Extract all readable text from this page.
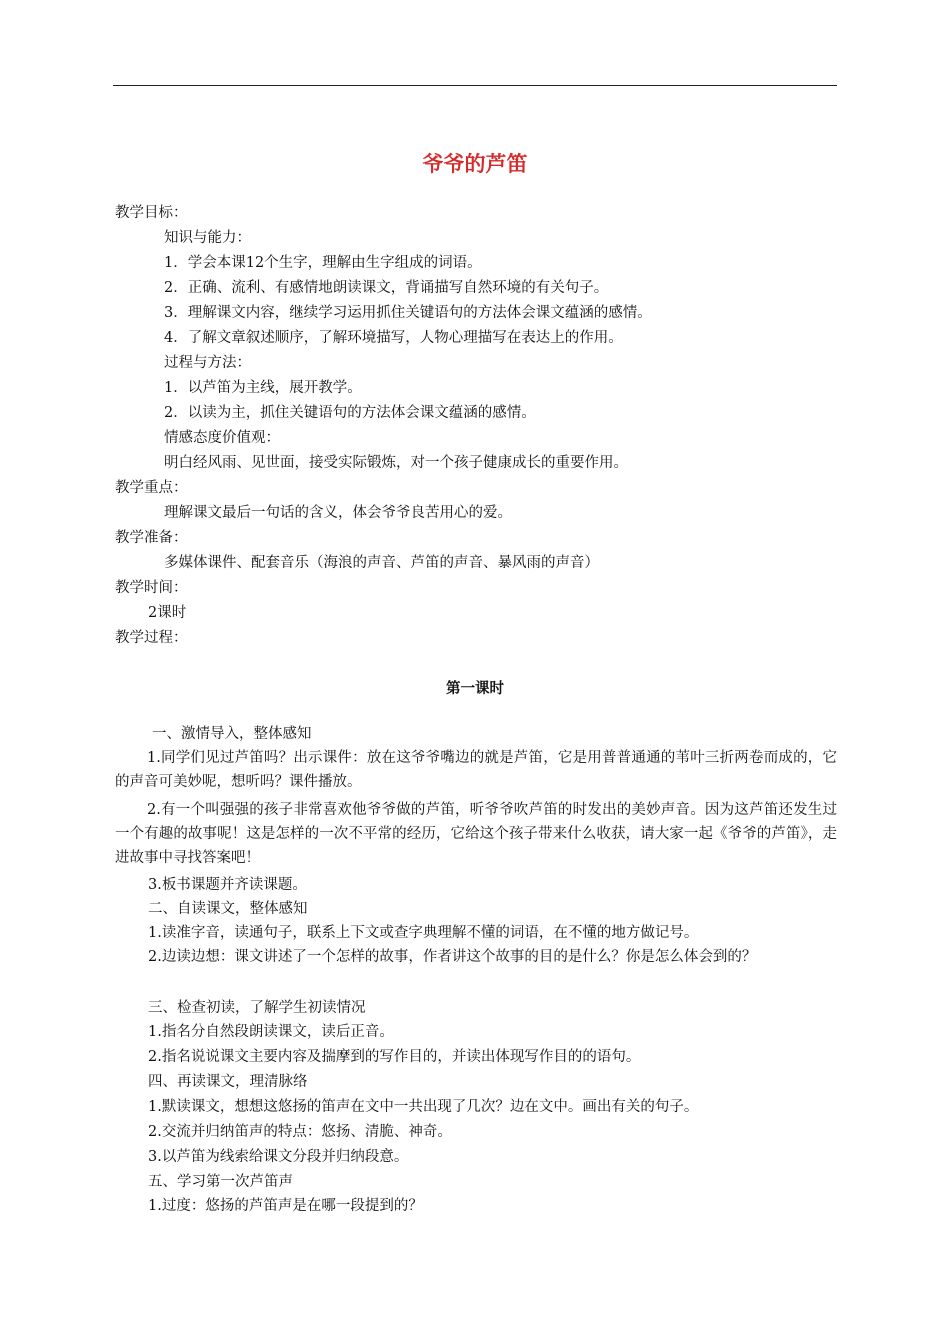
爷爷的芦笛
教学目标：
知识与能力：
1．学会本课12个生字，理解由生字组成的词语。
2．正确、流利、有感情地朗读课文，背诵描写自然环境的有关句子。
3．理解课文内容，继续学习运用抓住关键语句的方法体会课文蕴涵的感情。
4．了解文章叙述顺序，了解环境描写，人物心理描写在表达上的作用。
过程与方法：
1．以芦笛为主线，展开教学。
2．以读为主，抓住关键语句的方法体会课文蕴涵的感情。
情感态度价值观：
明白经风雨、见世面，接受实际锻炼，对一个孩子健康成长的重要作用。
教学重点：
理解课文最后一句话的含义，体会爷爷良苦用心的爱。
教学准备：
多媒体课件、配套音乐（海浪的声音、芦笛的声音、暴风雨的声音）
教学时间：
2课时
教学过程：
第一课时
一、激情导入，整体感知
1.同学们见过芦笛吗？出示课件：放在这爷爷嘴边的就是芦笛，它是用普普通通的苇叶三折两卷而成的，它的声音可美妙呢，想听吗？课件播放。
2.有一个叫强强的孩子非常喜欢他爷爷做的芦笛，听爷爷吹芦笛的时发出的美妙声音。因为这芦笛还发生过一个有趣的故事呢！这是怎样的一次不平常的经历，它给这个孩子带来什么收获，请大家一起《爷爷的芦笛》，走进故事中寻找答案吧！
3.板书课题并齐读课题。
二、自读课文，整体感知
1.读准字音，读通句子，联系上下文或查字典理解不懂的词语，在不懂的地方做记号。
2.边读边想：课文讲述了一个怎样的故事，作者讲这个故事的目的是什么？你是怎么体会到的？
三、检查初读，了解学生初读情况
1.指名分自然段朗读课文，读后正音。
2.指名说说课文主要内容及揣摩到的写作目的，并读出体现写作目的的语句。
四、再读课文，理清脉络
1.默读课文，想想这悠扬的笛声在文中一共出现了几次？边在文中。画出有关的句子。
2.交流并归纳笛声的特点：悠扬、清脆、神奇。
3.以芦笛为线索给课文分段并归纳段意。
五、学习第一次芦笛声
1.过度：悠扬的芦笛声是在哪一段提到的？
